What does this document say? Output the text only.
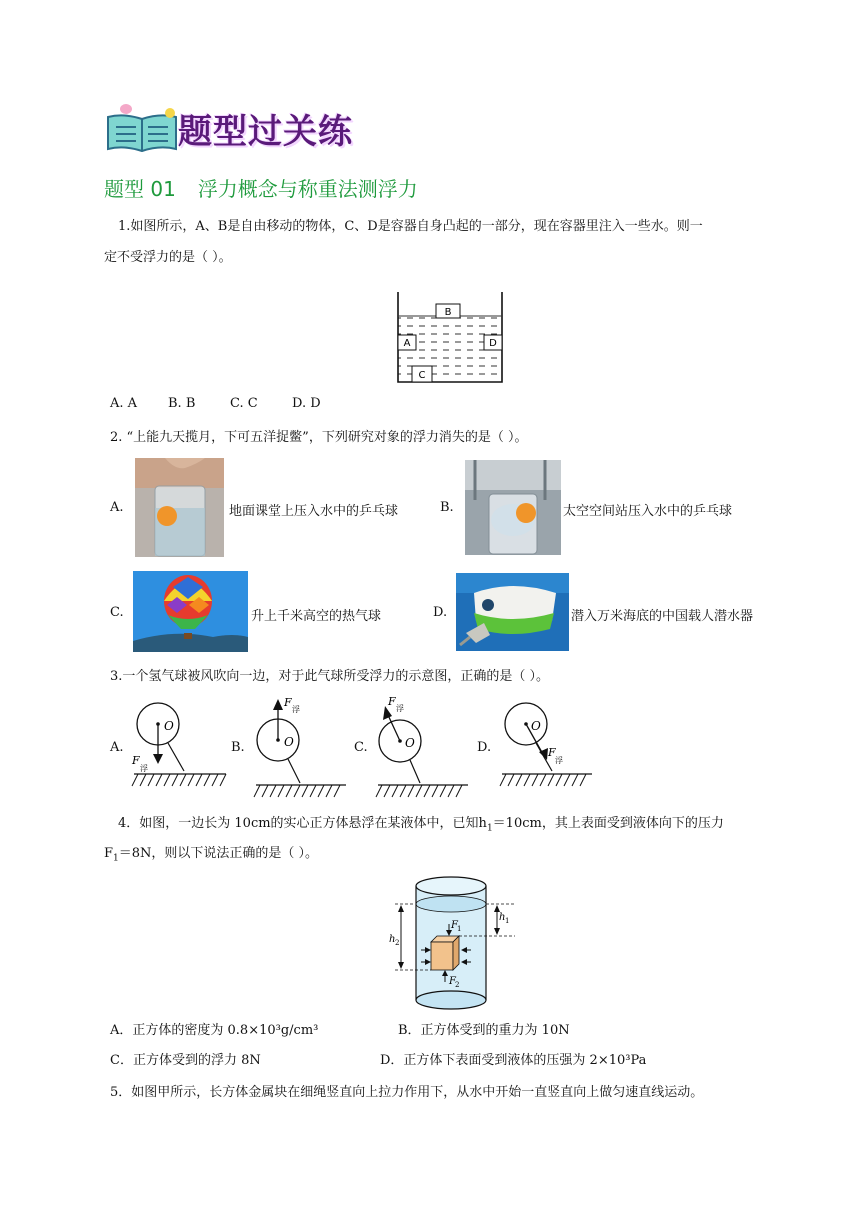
题型过关练
题型 01 浮力概念与称重法测浮力
1.如图所示，A、B是自由移动的物体，C、D是容器自身凸起的一部分，现在容器里注入一些水。则一
定不受浮力的是（ ）。
B
A	D
C
A. A B. B	C. C	D. D
2. “上能九天揽月，下可五洋捉鳖”，下列研究对象的浮力消失的是（ ）。
A.	地面课堂上压入水中的乒乓球	B.	太空空间站压入水中的乒乓球
C.	升上千米高空的热气球	D.	潜入万米海底的中国载人潜水器
3.一个氢气球被风吹向一边，对于此气球所受浮力的示意图，正确的是（ ）。
A.
O
F
浮
B.	O
F
浮
C.	O
F
浮
D.
O
F
浮
4．如图，一边长为 10cm的实心正方体悬浮在某液体中，已知$h_1=10cm$，其上表面受到液体向下的压力
$F_1=8N$，则以下说法正确的是（ ）。
h 2
h 1
F 1
F 2
A．正方体的密度为 0.8×10³g/cm³	B．正方体受到的重力为 10N
C．正方体受到的浮力 8N	D．正方体下表面受到液体的压强为 2×10³Pa
5．如图甲所示，长方体金属块在细绳竖直向上拉力作用下，从水中开始一直竖直向上做匀速直线运动。
